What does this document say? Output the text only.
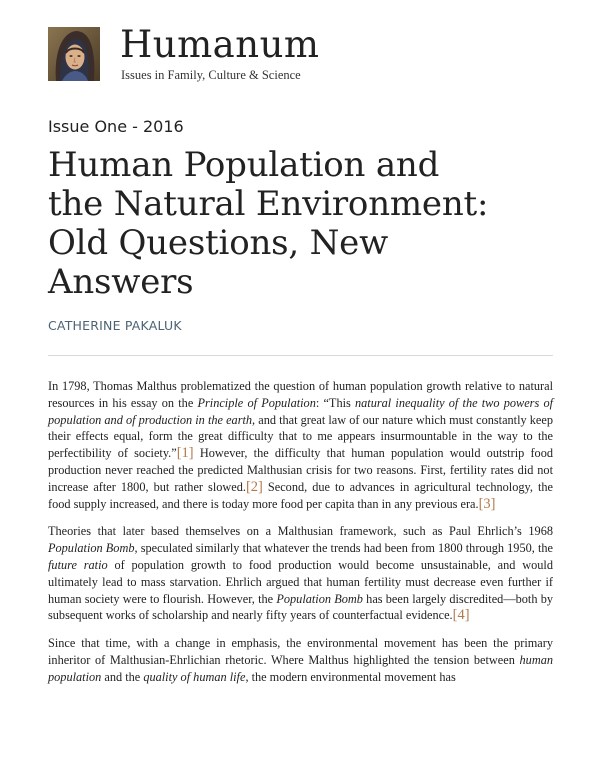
Humanum
Issues in Family, Culture & Science
Issue One - 2016
Human Population and
the Natural Environment:
Old Questions, New
Answers
CATHERINE PAKALUK

In 1798, Thomas Malthus problematized the question of human population growth relative to natural resources in his essay on the Principle of Population: “This natural inequality of the two powers of population and of production in the earth, and that great law of our nature which must constantly keep their effects equal, form the great difficulty that to me appears insurmountable in the way to the perfectibility of society.”[1] However, the difficulty that human population would outstrip food production never reached the predicted Malthusian crisis for two reasons. First, fertility rates did not increase after 1800, but rather slowed.[2] Second, due to advances in agricultural technology, the food supply increased, and there is today more food per capita than in any previous era.[3]

Theories that later based themselves on a Malthusian framework, such as Paul Ehrlich’s 1968 Population Bomb, speculated similarly that whatever the trends had been from 1800 through 1950, the future ratio of population growth to food production would become unsustainable, and would ultimately lead to mass starvation. Ehrlich argued that human fertility must decrease even further if human society were to flourish. However, the Population Bomb has been largely discredited—both by subsequent works of scholarship and nearly fifty years of counterfactual evidence.[4]

Since that time, with a change in emphasis, the environmental movement has been the primary inheritor of Malthusian-Ehrlichian rhetoric. Where Malthus highlighted the tension between human population and the quality of human life, the modern environmental movement has
